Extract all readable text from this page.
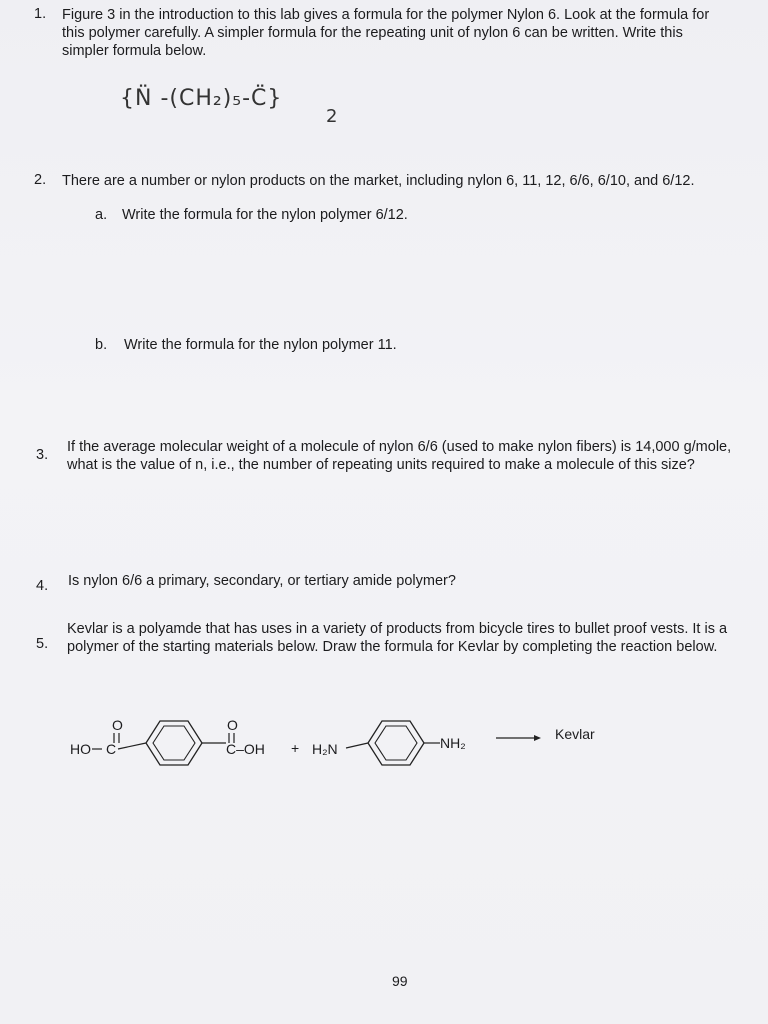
1. Figure 3 in the introduction to this lab gives a formula for the polymer Nylon 6. Look at the formula for this polymer carefully. A simpler formula for the repeating unit of nylon 6 can be written. Write this simpler formula below.
{N̈ -(CH₂)₅-C̈}
2
2. There are a number or nylon products on the market, including nylon 6, 11, 12, 6/6, 6/10, and 6/12.
a. Write the formula for the nylon polymer 6/12.
b. Write the formula for the nylon polymer 11.
3. If the average molecular weight of a molecule of nylon 6/6 (used to make nylon fibers) is 14,000 g/mole, what is the value of n, i.e., the number of repeating units required to make a molecule of this size?
4. Is nylon 6/6 a primary, secondary, or tertiary amide polymer?
5.
Kevlar is a polyamde that has uses in a variety of products from bicycle tires to bullet proof vests. It is a polymer of the starting materials below. Draw the formula for Kevlar by completing the reaction below.
O
HO C
O
C–OH + H₂N	NH₂
Kevlar
99
